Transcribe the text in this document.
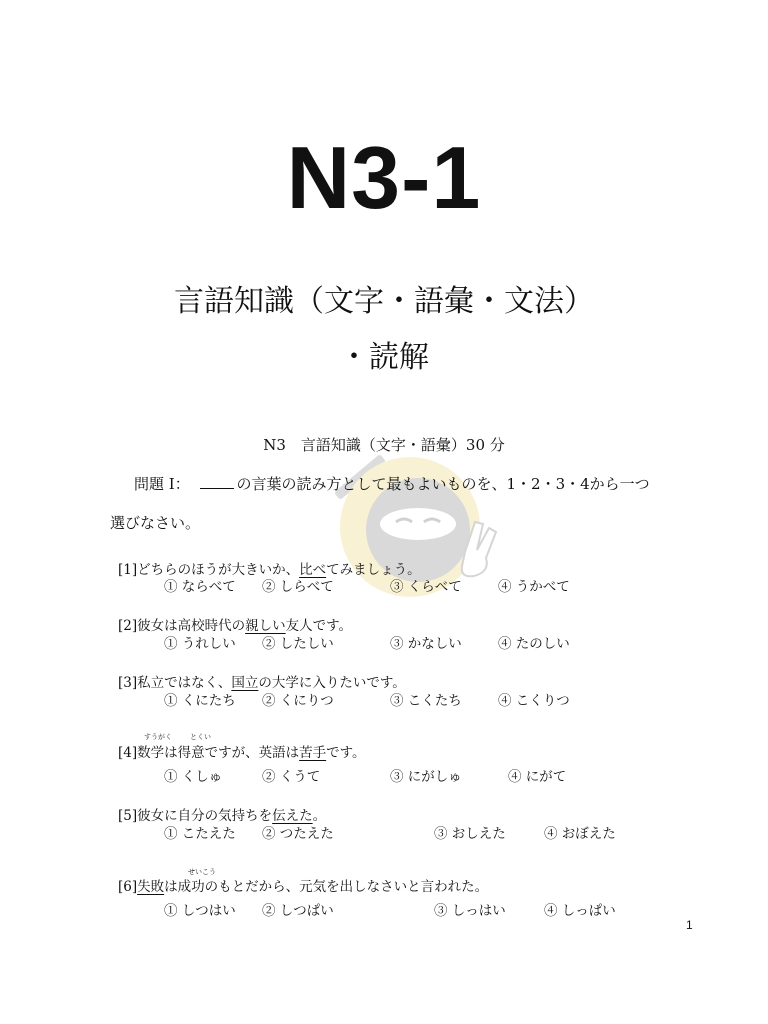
N3-1
言語知識（文字・語彙・文法）
・読解
N3　言語知識（文字・語彙）30 分
問題 I：	の言葉の読み方として最もよいものを、1・2・3・4から一つ
選びなさい。
[1]どちらのほうが大きいか、比べてみましょう。
① ならべて ② しらべて	③ くらべて	④ うかべて
[2]彼女は高校時代の親しい友人です。
① うれしい ② したしい	③ かなしい	④ たのしい
[3]私立ではなく、国立の大学に入りたいです。
① くにたち ② くにりつ	③ こくたち	④ こくりつ
すうがく	とくい
[4]数学は得意ですが、英語は苦手です。
① くしゅ	② くうて	③ にがしゅ	④ にがて
[5]彼女に自分の気持ちを伝えた。
① こたえた ② つたえた	③ おしえた	④ おぼえた
せいこう
[6]失敗は成功のもとだから、元気を出しなさいと言われた。
① しつはい ② しつぱい	③ しっはい	④ しっぱい
1
